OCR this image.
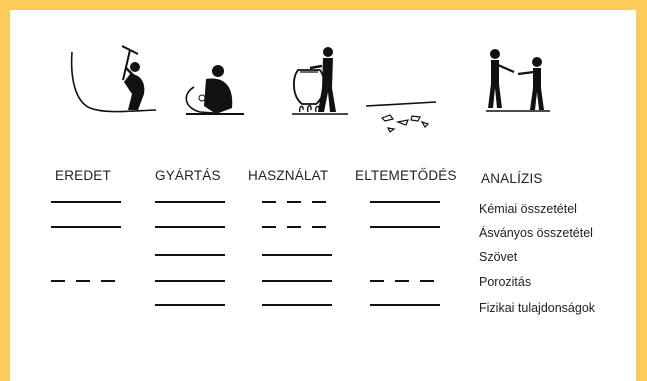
EREDET	GYÁRTÁS HASZNÁLAT ELTEMETŐDÉS ANALÍZIS
Kémiai összetétel
Ásványos összetétel
Szövet
Porozitás
Fizikai tulajdonságok
